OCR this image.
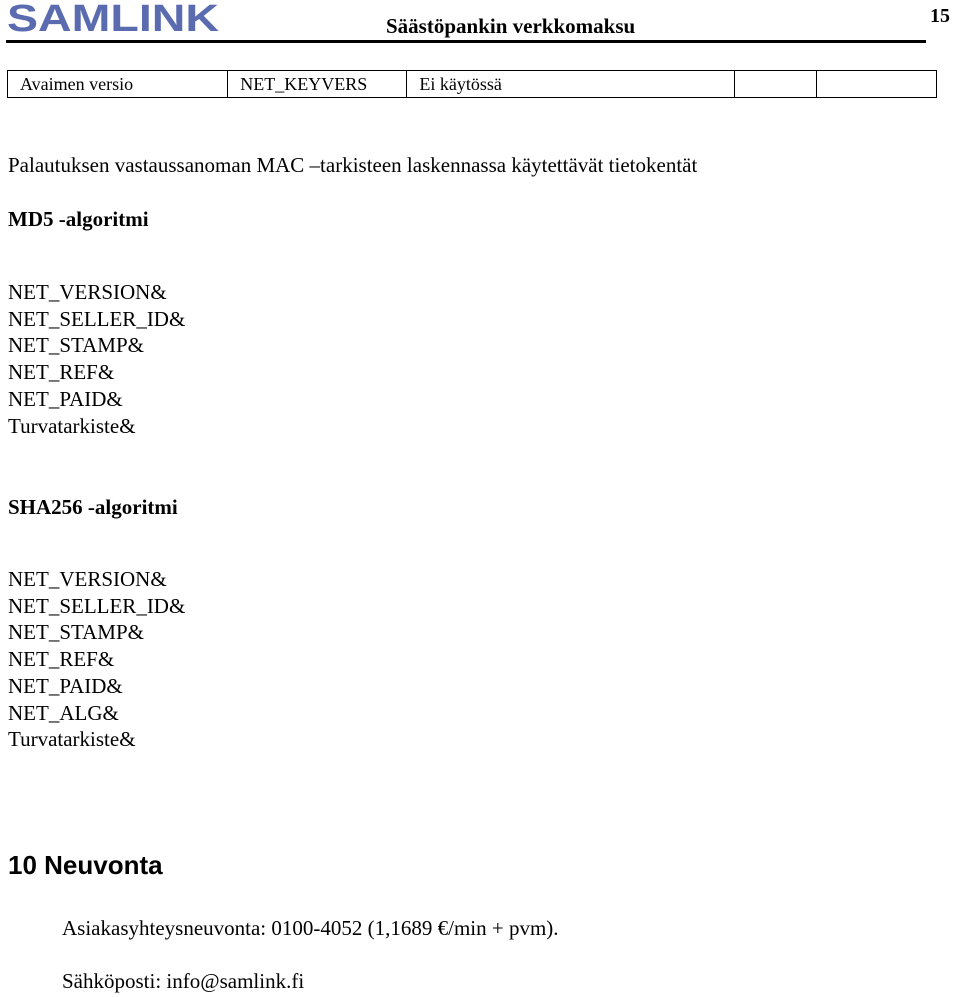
SAMLINK	Säästöpankin verkkomaksu	15
Avaimen versio	NET_KEYVERS	Ei käytössä		
Palautuksen vastaussanoman MAC –tarkisteen laskennassa käytettävät tietokentät
MD5 -algoritmi
NET_VERSION&
NET_SELLER_ID&
NET_STAMP&
NET_REF&
NET_PAID&
Turvatarkiste&
SHA256 -algoritmi
NET_VERSION&
NET_SELLER_ID&
NET_STAMP&
NET_REF&
NET_PAID&
NET_ALG&
Turvatarkiste&
10 Neuvonta
Asiakasyhteysneuvonta: 0100-4052 (1,1689 €/min + pvm).
Sähköposti: info@samlink.fi
